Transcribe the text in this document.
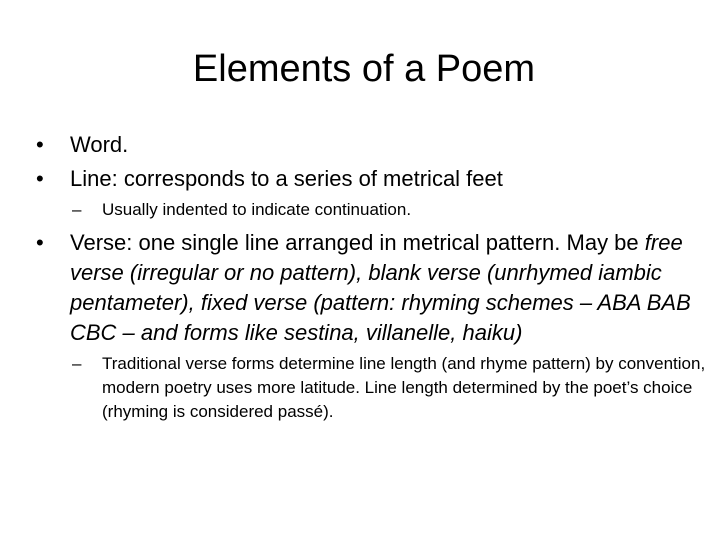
Elements of a Poem
• Word.
• Line: corresponds to a series of metrical feet
– Usually indented to indicate continuation.
• Verse: one single line arranged in metrical pattern. May be free verse (irregular or no pattern), blank verse (unrhymed iambic pentameter), fixed verse (pattern: rhyming schemes – ABA BAB CBC – and forms like sestina, villanelle, haiku)
– Traditional verse forms determine line length (and rhyme pattern) by convention, modern poetry uses more latitude. Line length determined by the poet’s choice (rhyming is considered passé).
